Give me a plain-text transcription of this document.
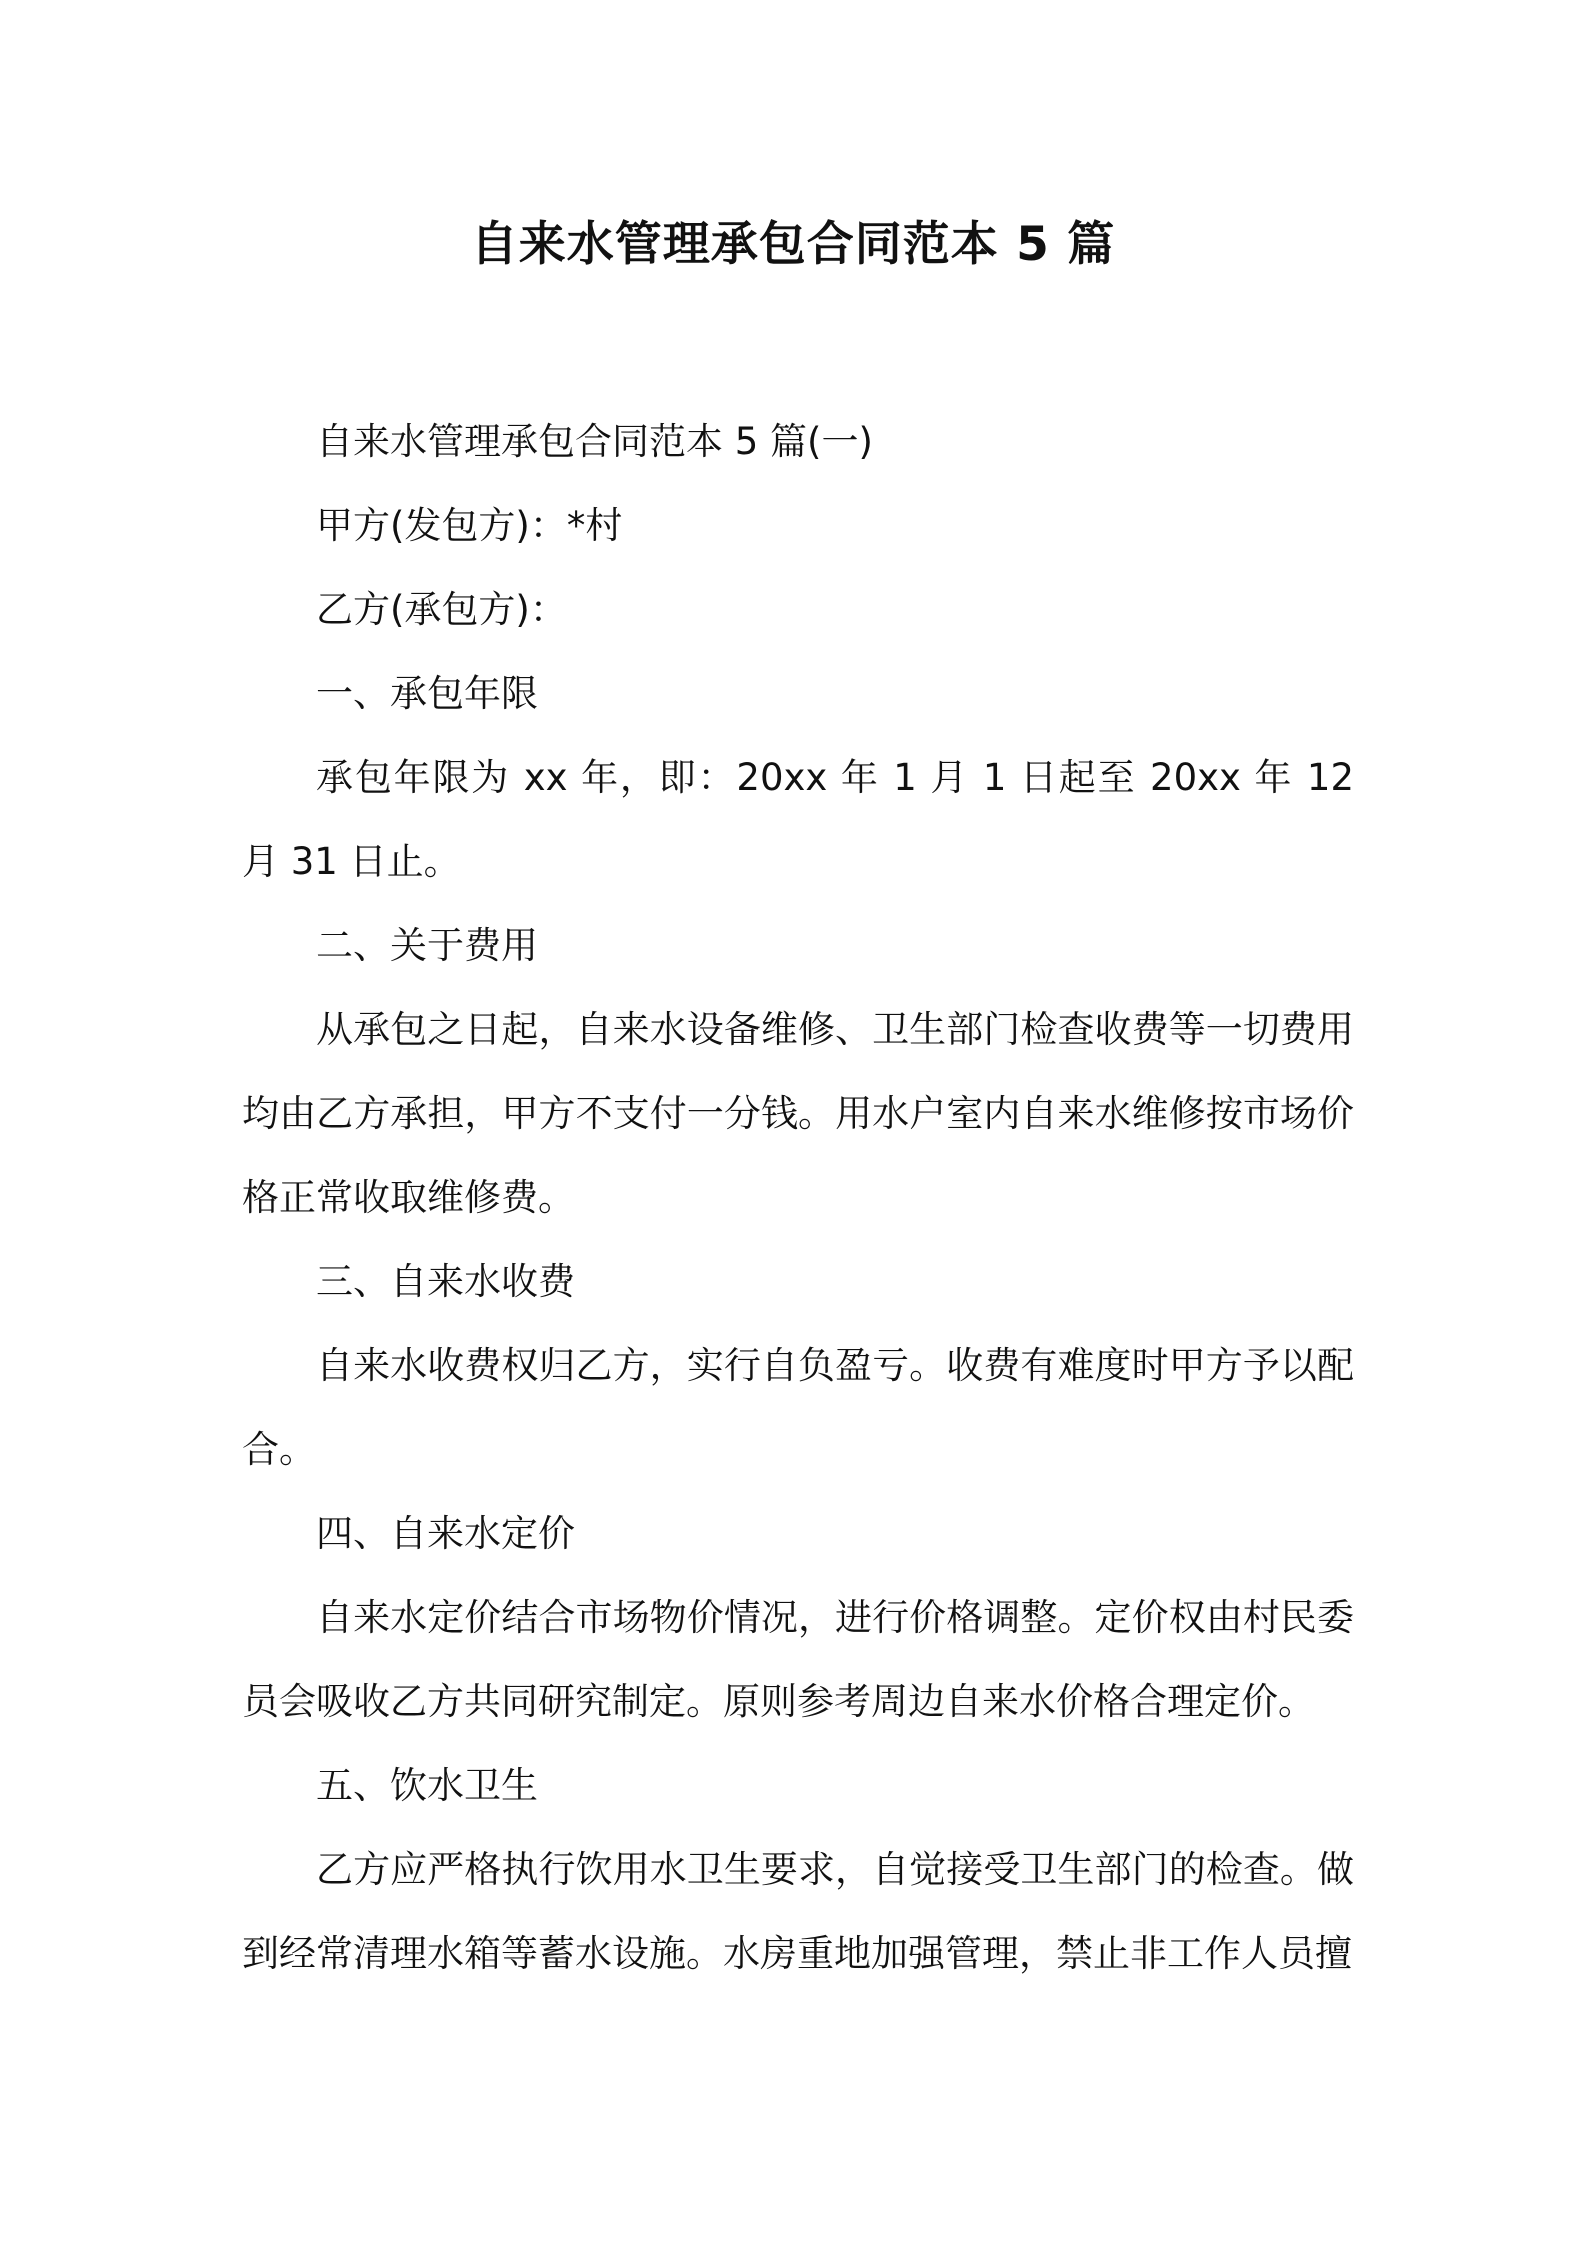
自来水管理承包合同范本 5 篇

自来水管理承包合同范本 5 篇(一)

甲方(发包方)：*村

乙方(承包方)：

一、承包年限

承包年限为 xx 年，即：20xx 年 1 月 1 日起至 20xx 年 12 月 31 日止。

二、关于费用

从承包之日起，自来水设备维修、卫生部门检查收费等一切费用均由乙方承担，甲方不支付一分钱。用水户室内自来水维修按市场价格正常收取维修费。

三、自来水收费

自来水收费权归乙方，实行自负盈亏。收费有难度时甲方予以配合。

四、自来水定价

自来水定价结合市场物价情况，进行价格调整。定价权由村民委员会吸收乙方共同研究制定。原则参考周边自来水价格合理定价。

五、饮水卫生

乙方应严格执行饮用水卫生要求，自觉接受卫生部门的检查。做到经常清理水箱等蓄水设施。水房重地加强管理，禁止非工作人员擅
